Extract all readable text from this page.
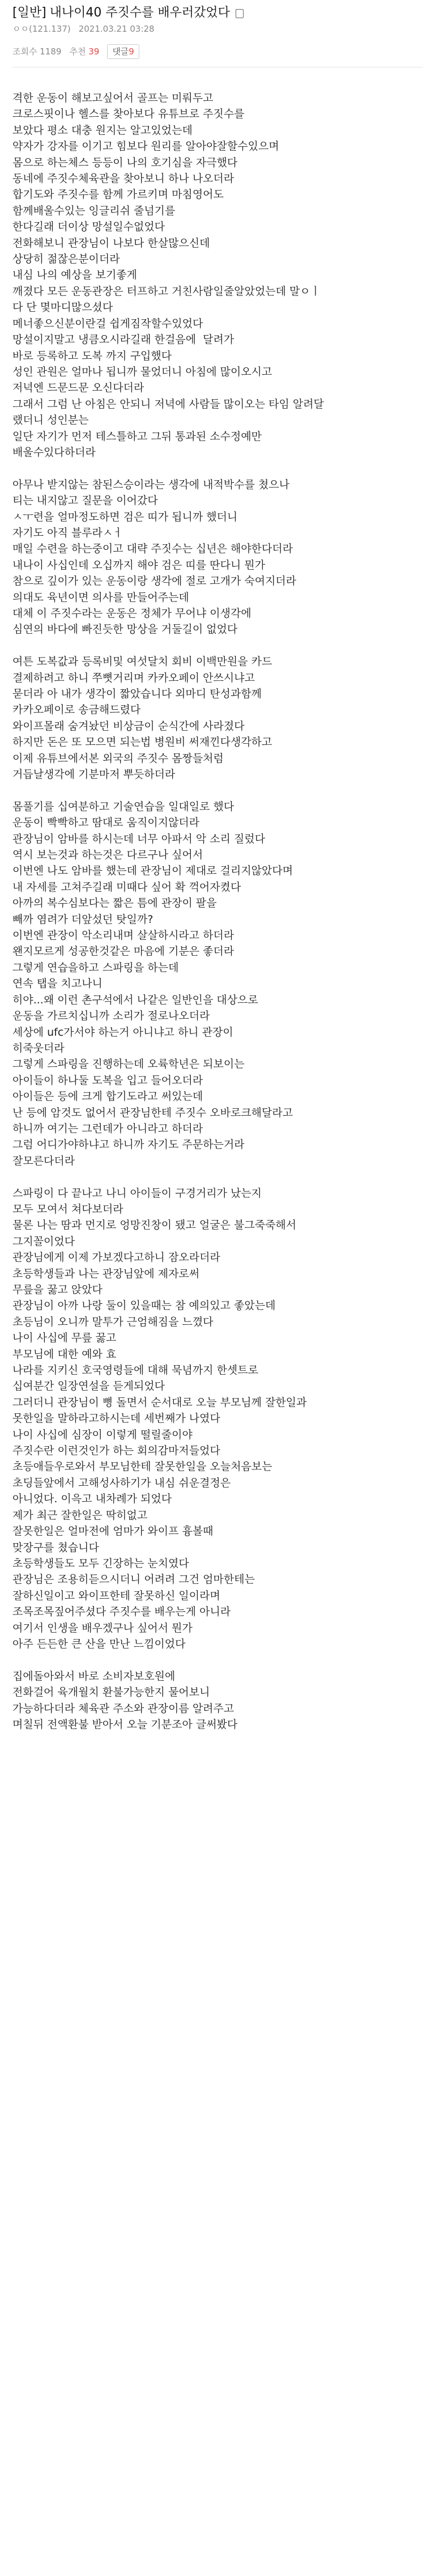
[일반] 내나이40 주짓수를 배우러갔었다
ㅇㅇ(121.137) 2021.03.21 03:28
조회수 1189 추천 39	댓글9

격한 운동이 해보고싶어서 골프는 미뤄두고

크로스핏이나 헬스를 찾아보다 유튜브로 주짓수를

보았다 평소 대충 원지는 알고있었는데

약자가 강자를 이기고 힘보다 원리를 알아야잘할수있으며

몸으로 하는체스 등등이 나의 호기심을 자극했다

동네에 주짓수체육관을 찾아보니 하나 나오더라

합기도와 주짓수를 함께 가르키며 마침영어도

함께배울수있는 잉글리쉬 줄넘기를

한다길래 더이상 망설일수없었다

전화해보니 관장님이 나보다 한살많으신데

상당히 젊잖은분이더라

내심 나의 예상을 보기좋게

깨졌다 모든 운동관장은 터프하고 거친사람일줄알았었는데 말ㅇㅣ

다 단 몇마디많으셨다

메너좋으신분이란걸 쉽게짐작할수있었다

망설이지말고 냉큼오시라길래 한걸음에  달려가

바로 등록하고 도복 까지 구입했다

성인 관원은 얼마나 됩니까 물었더니 아침에 많이오시고

저녁엔 드문드문 오신다더라

그래서 그럼 난 아침은 안되니 저녁에 사람들 많이오는 타임 알려달

랬더니 성인분는

일단 자기가 먼저 테스틀하고 그뒤 통과된 소수정예만

배울수있다하더라

아무나 받지않는 참된스승이라는 생각에 내적박수를 쳤으나

티는 내지않고 질문을 이어갔다

ㅅㅜ련을 얼마정도하면 검은 띠가 됩니까 했더니

자기도 아직 블루라ㅅㅓ

매일 수련을 하는중이고 대략 주짓수는 십년은 해야한다더라

내나이 사십인데 오십까지 해야 검은 띠를 딴다니 뭔가

참으로 깊이가 있는 운동이랑 생각에 절로 고개가 숙여지더라

의대도 육년이면 의사를 만들어주는데

대체 이 주짓수라는 운동은 정체가 무어냐 이생각에

심연의 바다에 빠진듯한 망상을 거둘길이 없었다

여튼 도복값과 등록비및 여섯달치 회비 이백만원을 카드

결제하려고 하니 쭈뼛거리며 카카오페이 안쓰시냐고

묻더라 아 내가 생각이 짧았습니다 외마디 탄성과함께

카카오페이로 송금해드렸다

와이프몰래 숨겨놨던 비상금이 순식간에 사라졌다

하지만 돈은 또 모으면 되는법 병원비 써재낀다생각하고

이제 유튜브에서본 외국의 주짓수 몸짱들처럼

거듭날생각에 기분마저 뿌듯하더라

몸풀기를 십여분하고 기술연습을 일대일로 했다

운동이 빡빡하고 땀대로 움직이지않더라

관장님이 암바를 하시는데 너무 아파서 악 소리 질렀다

역시 보는것과 하는것은 다르구나 싶어서

이번엔 나도 암바를 했는데 관장님이 제대로 걸리지않았다며

내 자세를 고쳐주길래 미때다 싶어 확 꺽어자켰다

아까의 복수심보다는 짧은 틈에 관장이 팔을

빼까 염려가 더앞섰던 탓일까?

이번엔 관장이 악소리내며 살살하시라고 하더라

왠지모르게 성공한것같은 마음에 기분은 좋더라

그렇게 연습을하고 스파링을 하는데

연속 탭을 치고나니

히야...왜 이런 촌구석에서 나같은 일반인을 대상으로

운동을 가르치십니까 소리가 절로나오더라

세상에 ufc가서야 하는거 아니냐고 하니 관장이

히죽웃더라

그렇게 스파링을 진행하는데 오륙학년은 되보이는

아이들이 하나둘 도복을 입고 들어오더라

아이들은 등에 크게 합기도라고 써있는데

난 등에 암것도 없어서 관장님한테 주짓수 오바로크해달라고

하니까 여기는 그런데가 아니라고 하더라

그럼 어디가야하냐고 하니까 자기도 주문하는거라

잘모른다더라

스파링이 다 끝나고 나니 아이들이 구경거리가 났는지

모두 모여서 쳐다보더라

물론 나는 땀과 먼지로 엉망진창이 됐고 얼굴은 불그죽죽해서

그지꼴이었다

관장님에게 이제 가보겠다고하니 잠오라더라

초등학생들과 나는 관장님앞에 제자로써

무릎을 꿇고 앉았다

관장님이 아까 나랑 둘이 있을때는 참 예의있고 좋았는데

초등님이 오니까 말투가 근엄해짐을 느꼈다

나이 사십에 무릎 꿇고

부모님에 대한 예와 효

나라를 지키신 호국영령들에 대해 묵념까지 한셋트로

십여분간 일장연설을 듣게되었다

그러더니 관장님이 뼝 돌면서 순서대로 오늘 부모님께 잘한일과

못한일을 말하라고하시는데 세번째가 나였다

나이 사십에 심장이 이렇게 떨릴줄이야

주짓수란 이런것인가 하는 회의감마저들었다

초등애들우로와서 부모님한테 잘못한일을 오늘처음보는

초딩들앞에서 고해성사하기가 내심 쉬운결정은

아니었다. 이윽고 내차례가 되었다

제가 최근 잘한일은 딱히없고

잘못한일은 얼마전에 엄마가 와이프 흉볼때

맞장구를 쳤습니다

초등학생들도 모두 긴장하는 눈치였다

관장님은 조용히듣으시더니 어려려 그건 엄마한테는

잘하신일이고 와이프한테 잘못하신 일이라며

조목조목짚어주셨다 주짓수를 배우는게 아니라

여기서 인생을 배우겠구나 싶어서 뭔가

아주 든든한 큰 산을 만난 느낌이었다

집에돌아와서 바로 소비자보호원에

전화걸어 육개월치 환불가능한지 물어보니

가능하다더라 체육관 주소와 관장이름 알려주고

며칠뒤 전액환불 받아서 오늘 기분조아 글써봤다
